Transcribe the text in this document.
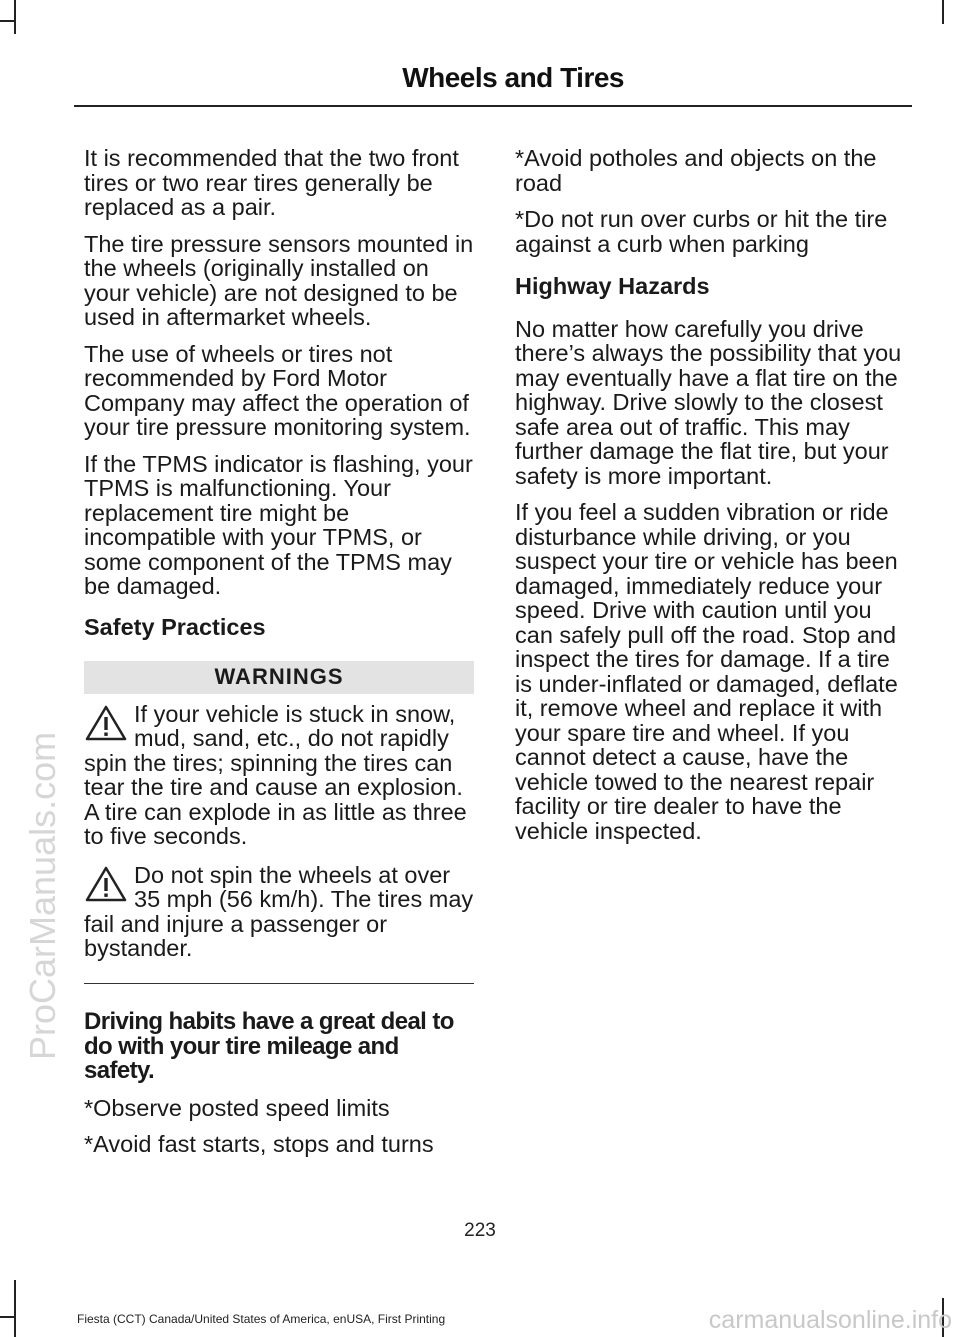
Wheels and Tires
ProCarManuals.com

It is recommended that the two front tires or two rear tires generally be replaced as a pair.

The tire pressure sensors mounted in the wheels (originally installed on your vehicle) are not designed to be used in aftermarket wheels.

The use of wheels or tires not recommended by Ford Motor Company may affect the operation of your tire pressure monitoring system.

If the TPMS indicator is flashing, your TPMS is malfunctioning. Your replacement tire might be incompatible with your TPMS, or some component of the TPMS may be damaged.

Safety Practices
WARNINGS
If your vehicle is stuck in snow, mud, sand, etc., do not rapidly spin the tires; spinning the tires can tear the tire and cause an explosion. A tire can explode in as little as three to five seconds.
Do not spin the wheels at over 35 mph (56 km/h). The tires may fail and injure a passenger or bystander.

Driving habits have a great deal to do with your tire mileage and safety.

*Observe posted speed limits

*Avoid fast starts, stops and turns

*Avoid potholes and objects on the road

*Do not run over curbs or hit the tire against a curb when parking

Highway Hazards

No matter how carefully you drive there’s always the possibility that you may eventually have a flat tire on the highway. Drive slowly to the closest safe area out of traffic. This may further damage the flat tire, but your safety is more important.

If you feel a sudden vibration or ride disturbance while driving, or you suspect your tire or vehicle has been damaged, immediately reduce your speed. Drive with caution until you can safely pull off the road. Stop and inspect the tires for damage. If a tire is under-inflated or damaged, deflate it, remove wheel and replace it with your spare tire and wheel. If you cannot detect a cause, have the vehicle towed to the nearest repair facility or tire dealer to have the vehicle inspected.

223
Fiesta (CCT) Canada/United States of America, enUSA, First Printing	carmanualsonline.info
